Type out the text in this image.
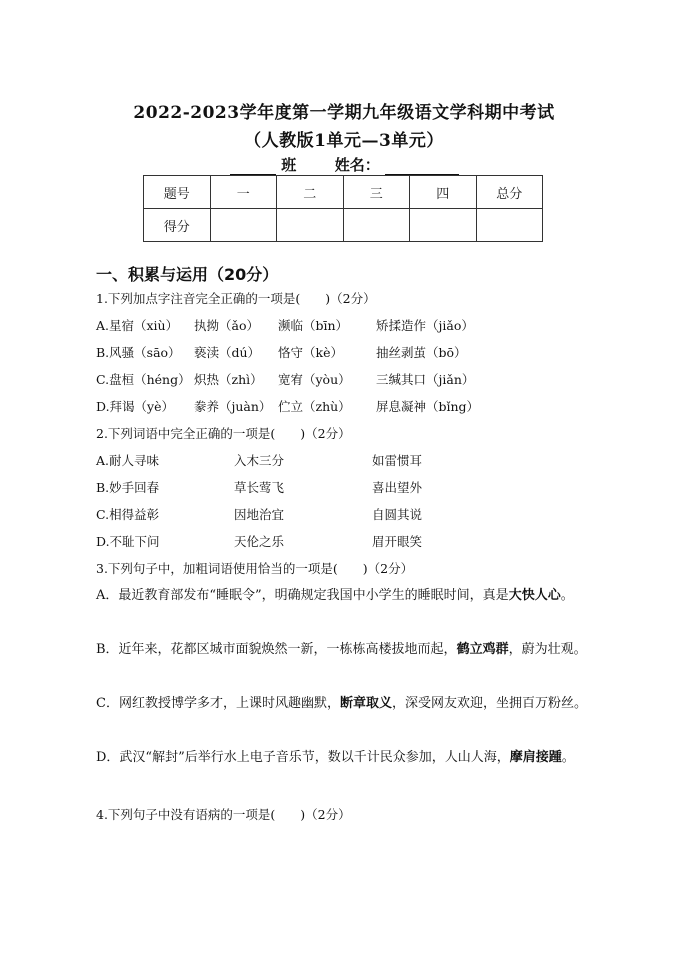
2022-2023学年度第一学期九年级语文学科期中考试
（人教版1单元—3单元）
班	姓名：
题号	一	二	三	四	总分
得分					
一、积累与运用（20分）
1.下列加点字注音完全正确的一项是(　　)（2分）
A.星宿（xiù） 执拗（ǎo） 濒临（bīn） 矫揉造作（jiǎo）
B.风骚（sāo） 亵渎（dú） 恪守（kè）	抽丝剥茧（bō）
C.盘桓（héng） 炽热（zhì） 宽宥（yòu） 三缄其口（jiǎn）
D.拜谒（yè） 豢养（juàn） 伫立（zhù） 屏息凝神（bǐng）
2.下列词语中完全正确的一项是(　　)（2分）
A.耐人寻味	入木三分	如雷惯耳
B.妙手回春	草长莺飞	喜出望外
C.相得益彰	因地治宜	自圆其说
D.不耻下问	天伦之乐	眉开眼笑
3.下列句子中，加粗词语使用恰当的一项是(　　)（2分）
A．最近教育部发布“睡眠令”，明确规定我国中小学生的睡眠时间，真是大快人心。
B．近年来，花都区城市面貌焕然一新，一栋栋高楼拔地而起，鹤立鸡群，蔚为壮观。
C．网红教授博学多才，上课时风趣幽默，断章取义，深受网友欢迎，坐拥百万粉丝。
D．武汉“解封”后举行水上电子音乐节，数以千计民众参加，人山人海，摩肩接踵。
4.下列句子中没有语病的一项是(　　)（2分）
